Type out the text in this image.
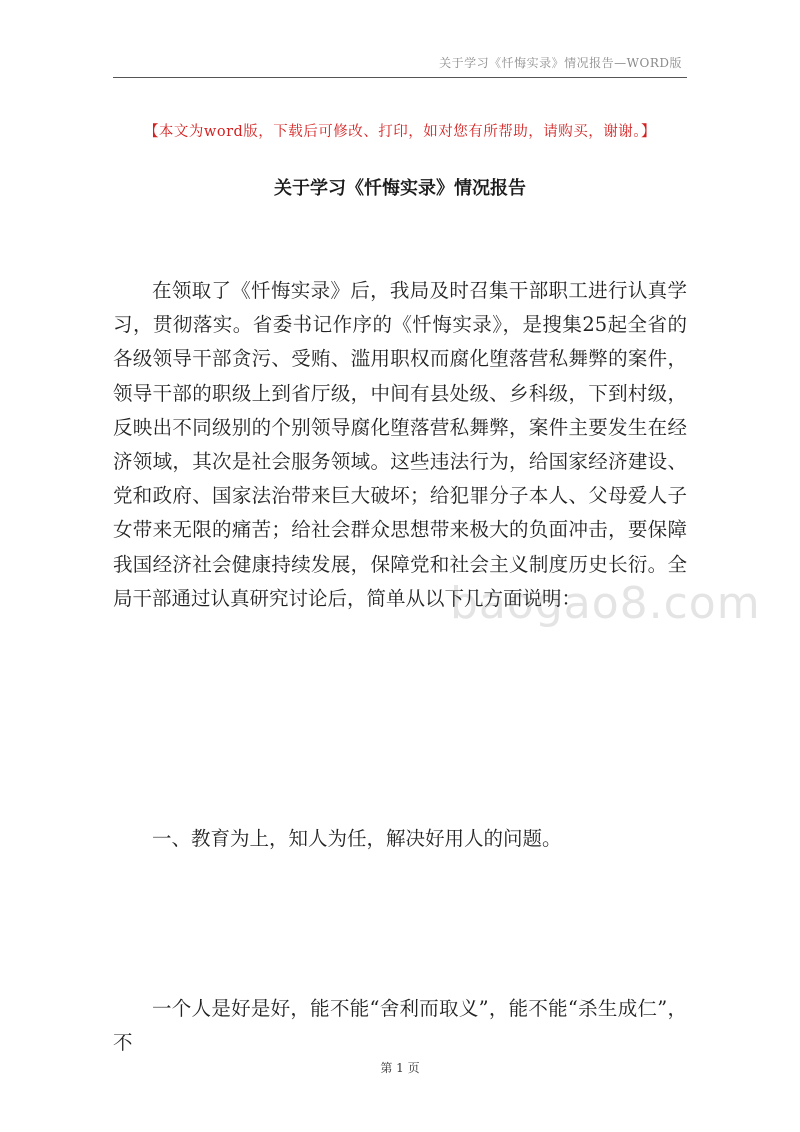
关于学习《忏悔实录》情况报告—WORD版
【本文为word版，下载后可修改、打印，如对您有所帮助，请购买，谢谢。】
关于学习《忏悔实录》情况报告
baogao8.com

在领取了《忏悔实录》后，我局及时召集干部职工进行认真学习，贯彻落实。省委书记作序的《忏悔实录》，是搜集25起全省的各级领导干部贪污、受贿、滥用职权而腐化堕落营私舞弊的案件，领导干部的职级上到省厅级，中间有县处级、乡科级，下到村级，反映出不同级别的个别领导腐化堕落营私舞弊，案件主要发生在经济领域，其次是社会服务领域。这些违法行为，给国家经济建设、党和政府、国家法治带来巨大破坏；给犯罪分子本人、父母爱人子女带来无限的痛苦；给社会群众思想带来极大的负面冲击，要保障我国经济社会健康持续发展，保障党和社会主义制度历史长衍。全局干部通过认真研究讨论后，简单从以下几方面说明：

一、教育为上，知人为任，解决好用人的问题。

一个人是好是好，能不能“舍利而取义”，能不能“杀生成仁”，不

第 1 页
